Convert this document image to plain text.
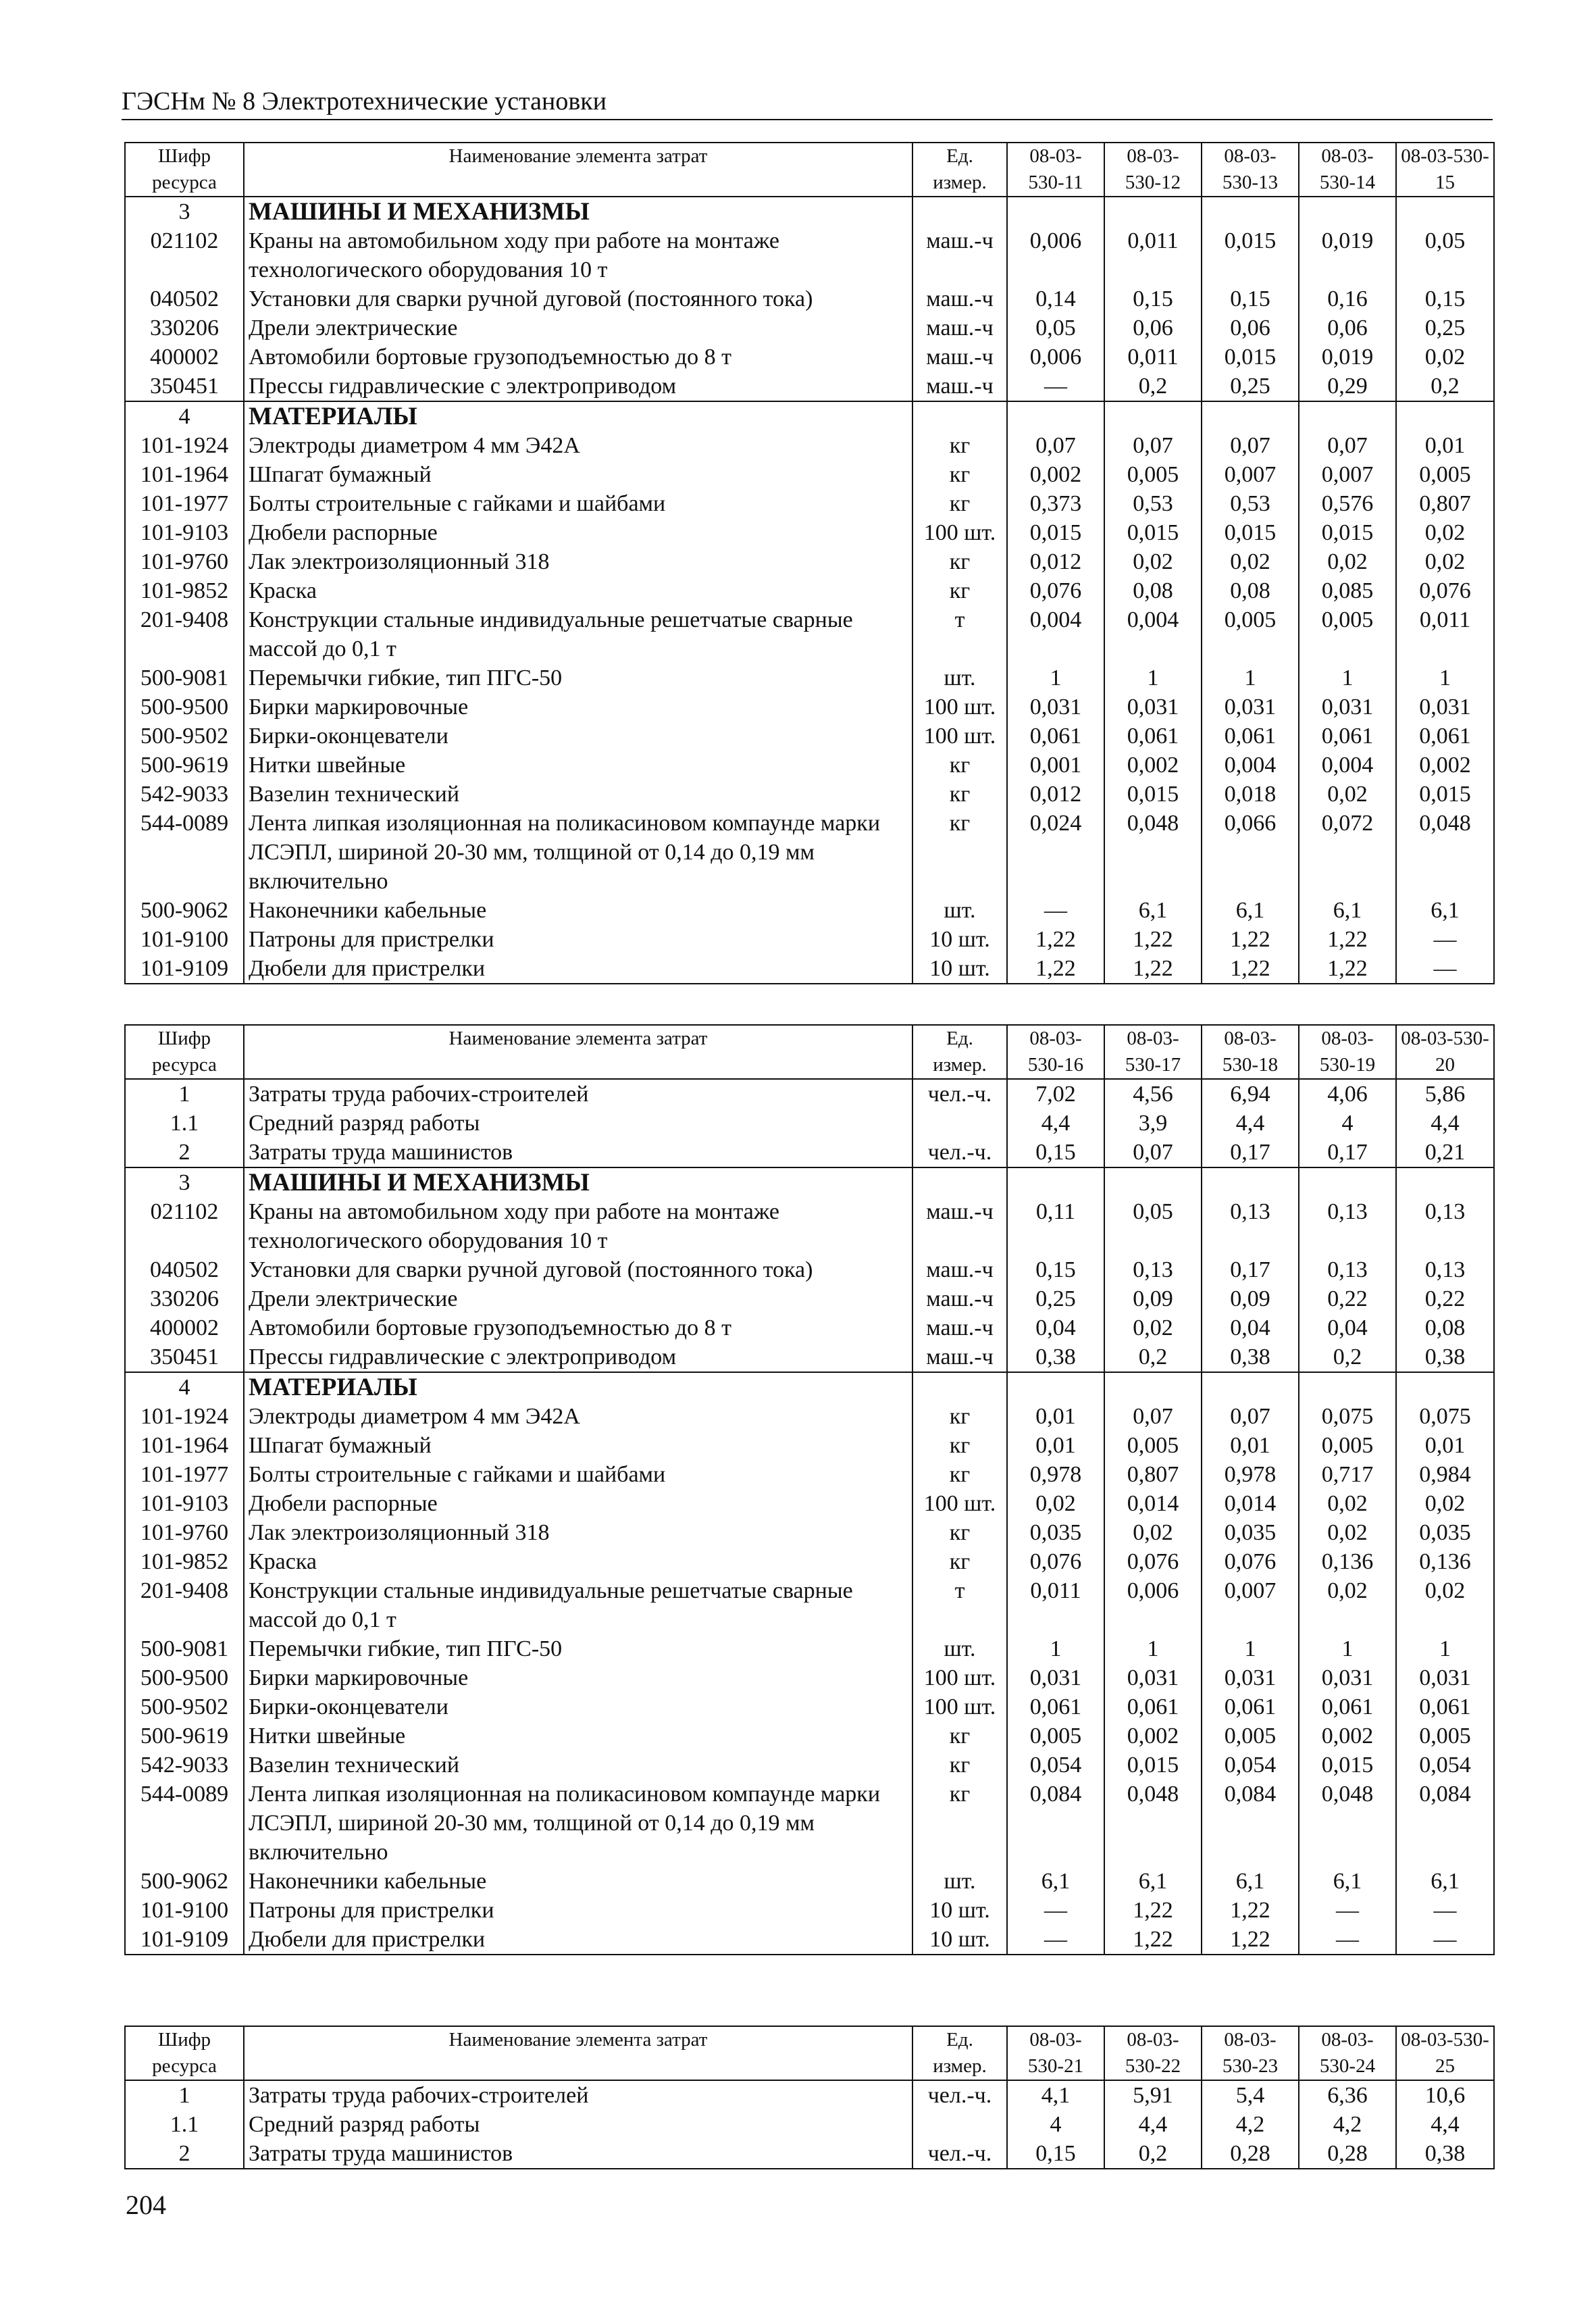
ГЭСНм № 8 Электротехнические установки
Шифр ресурса	Наименование элемента затрат	Ед. измер.	08-03-530-11	08-03-530-12	08-03-530-13	08-03-530-14	08-03-530-15
3	МАШИНЫ И МЕХАНИЗМЫ						
021102	Краны на автомобильном ходу при работе на монтаже технологического оборудования 10 т	маш.-ч	0,006	0,011	0,015	0,019	0,05
040502	Установки для сварки ручной дуговой (постоянного тока)	маш.-ч	0,14	0,15	0,15	0,16	0,15
330206	Дрели электрические	маш.-ч	0,05	0,06	0,06	0,06	0,25
400002	Автомобили бортовые грузоподъемностью до 8 т	маш.-ч	0,006	0,011	0,015	0,019	0,02
350451	Прессы гидравлические с электроприводом	маш.-ч	—	0,2	0,25	0,29	0,2
4	МАТЕРИАЛЫ						
101-1924	Электроды диаметром 4 мм Э42А	кг	0,07	0,07	0,07	0,07	0,01
101-1964	Шпагат бумажный	кг	0,002	0,005	0,007	0,007	0,005
101-1977	Болты строительные с гайками и шайбами	кг	0,373	0,53	0,53	0,576	0,807
101-9103	Дюбели распорные	100 шт.	0,015	0,015	0,015	0,015	0,02
101-9760	Лак электроизоляционный 318	кг	0,012	0,02	0,02	0,02	0,02
101-9852	Краска	кг	0,076	0,08	0,08	0,085	0,076
201-9408	Конструкции стальные индивидуальные решетчатые сварные массой до 0,1 т	т	0,004	0,004	0,005	0,005	0,011
500-9081	Перемычки гибкие, тип ПГС-50	шт.	1	1	1	1	1
500-9500	Бирки маркировочные	100 шт.	0,031	0,031	0,031	0,031	0,031
500-9502	Бирки-оконцеватели	100 шт.	0,061	0,061	0,061	0,061	0,061
500-9619	Нитки швейные	кг	0,001	0,002	0,004	0,004	0,002
542-9033	Вазелин технический	кг	0,012	0,015	0,018	0,02	0,015
544-0089	Лента липкая изоляционная на поликасиновом компаунде марки ЛСЭПЛ, шириной 20-30 мм, толщиной от 0,14 до 0,19 мм включительно	кг	0,024	0,048	0,066	0,072	0,048
500-9062	Наконечники кабельные	шт.	—	6,1	6,1	6,1	6,1
101-9100	Патроны для пристрелки	10 шт.	1,22	1,22	1,22	1,22	—
101-9109	Дюбели для пристрелки	10 шт.	1,22	1,22	1,22	1,22	—
Шифр ресурса	Наименование элемента затрат	Ед. измер.	08-03-530-16	08-03-530-17	08-03-530-18	08-03-530-19	08-03-530-20
1	Затраты труда рабочих-строителей	чел.-ч.	7,02	4,56	6,94	4,06	5,86
1.1	Средний разряд работы		4,4	3,9	4,4	4	4,4
2	Затраты труда машинистов	чел.-ч.	0,15	0,07	0,17	0,17	0,21
3	МАШИНЫ И МЕХАНИЗМЫ						
021102	Краны на автомобильном ходу при работе на монтаже технологического оборудования 10 т	маш.-ч	0,11	0,05	0,13	0,13	0,13
040502	Установки для сварки ручной дуговой (постоянного тока)	маш.-ч	0,15	0,13	0,17	0,13	0,13
330206	Дрели электрические	маш.-ч	0,25	0,09	0,09	0,22	0,22
400002	Автомобили бортовые грузоподъемностью до 8 т	маш.-ч	0,04	0,02	0,04	0,04	0,08
350451	Прессы гидравлические с электроприводом	маш.-ч	0,38	0,2	0,38	0,2	0,38
4	МАТЕРИАЛЫ						
101-1924	Электроды диаметром 4 мм Э42А	кг	0,01	0,07	0,07	0,075	0,075
101-1964	Шпагат бумажный	кг	0,01	0,005	0,01	0,005	0,01
101-1977	Болты строительные с гайками и шайбами	кг	0,978	0,807	0,978	0,717	0,984
101-9103	Дюбели распорные	100 шт.	0,02	0,014	0,014	0,02	0,02
101-9760	Лак электроизоляционный 318	кг	0,035	0,02	0,035	0,02	0,035
101-9852	Краска	кг	0,076	0,076	0,076	0,136	0,136
201-9408	Конструкции стальные индивидуальные решетчатые сварные массой до 0,1 т	т	0,011	0,006	0,007	0,02	0,02
500-9081	Перемычки гибкие, тип ПГС-50	шт.	1	1	1	1	1
500-9500	Бирки маркировочные	100 шт.	0,031	0,031	0,031	0,031	0,031
500-9502	Бирки-оконцеватели	100 шт.	0,061	0,061	0,061	0,061	0,061
500-9619	Нитки швейные	кг	0,005	0,002	0,005	0,002	0,005
542-9033	Вазелин технический	кг	0,054	0,015	0,054	0,015	0,054
544-0089	Лента липкая изоляционная на поликасиновом компаунде марки ЛСЭПЛ, шириной 20-30 мм, толщиной от 0,14 до 0,19 мм включительно	кг	0,084	0,048	0,084	0,048	0,084
500-9062	Наконечники кабельные	шт.	6,1	6,1	6,1	6,1	6,1
101-9100	Патроны для пристрелки	10 шт.	—	1,22	1,22	—	—
101-9109	Дюбели для пристрелки	10 шт.	—	1,22	1,22	—	—
Шифр ресурса	Наименование элемента затрат	Ед. измер.	08-03-530-21	08-03-530-22	08-03-530-23	08-03-530-24	08-03-530-25
1	Затраты труда рабочих-строителей	чел.-ч.	4,1	5,91	5,4	6,36	10,6
1.1	Средний разряд работы		4	4,4	4,2	4,2	4,4
2	Затраты труда машинистов	чел.-ч.	0,15	0,2	0,28	0,28	0,38
204
